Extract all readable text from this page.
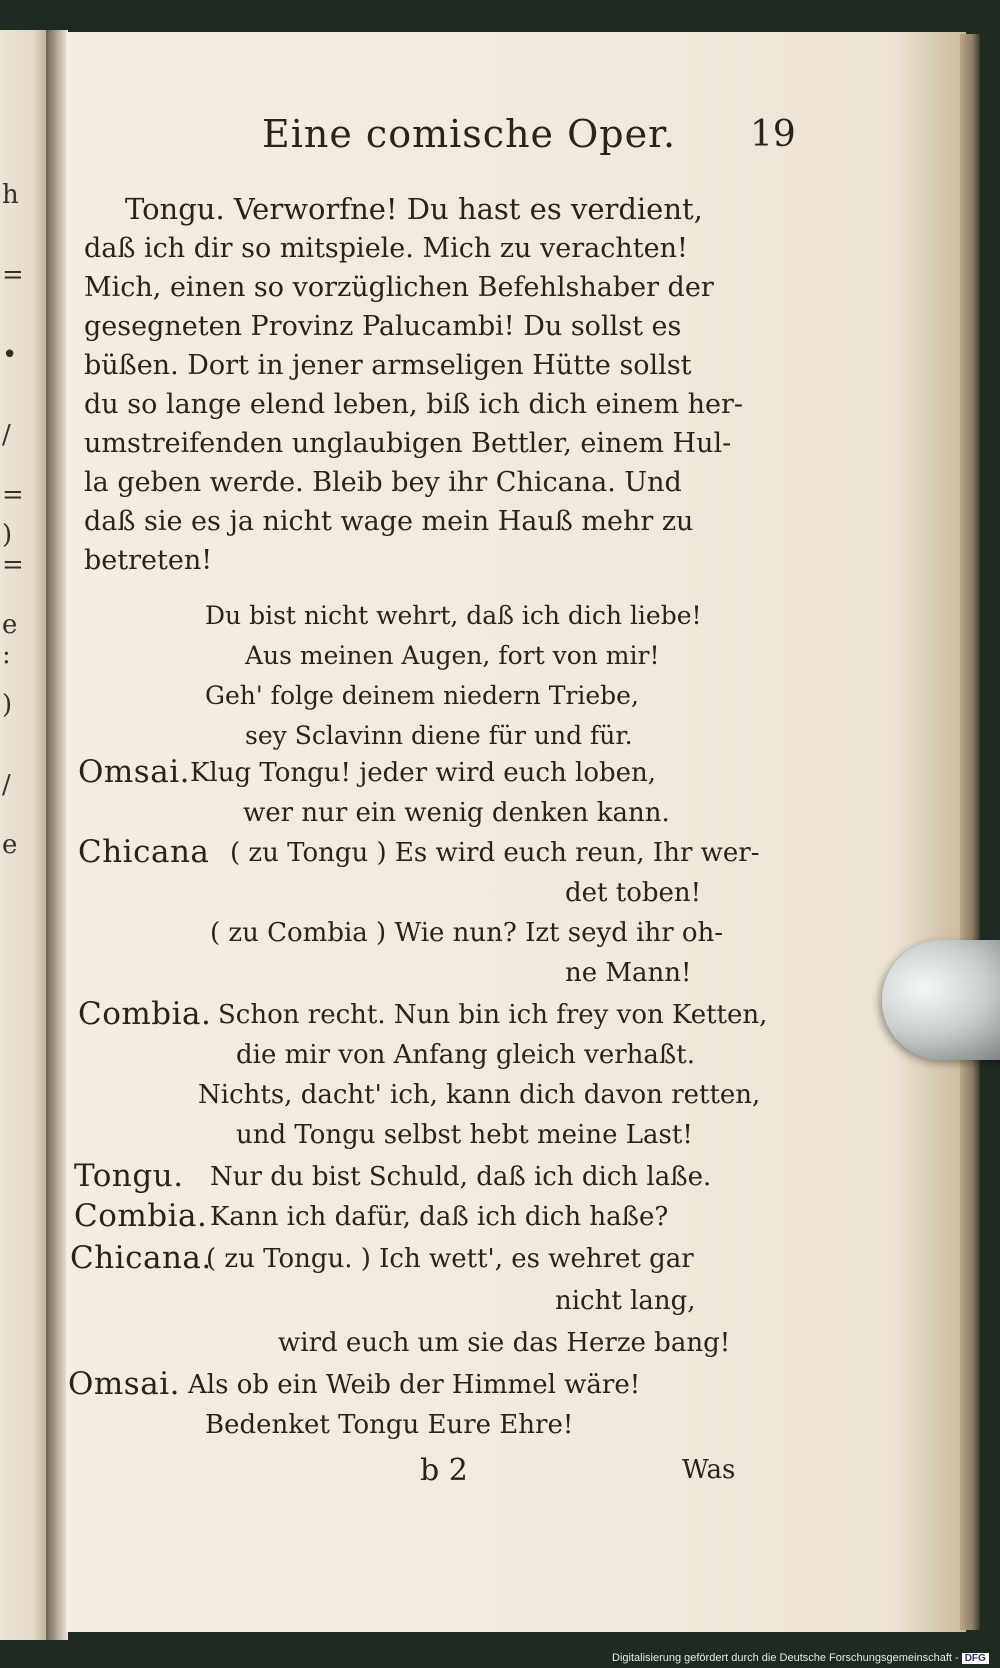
h
=
•
/
=
)
=
e
:
)
/
e
Eine comische Oper. 19
Tongu. Verworfne! Du hast es verdient,
daß ich dir so mitspiele. Mich zu verachten!
Mich, einen so vorzüglichen Befehlshaber der
gesegneten Provinz Palucambi! Du sollst es
büßen. Dort in jener armseligen Hütte sollst
du so lange elend leben, biß ich dich einem her-
umstreifenden unglaubigen Bettler, einem Hul-
la geben werde. Bleib bey ihr Chicana. Und
daß sie es ja nicht wage mein Hauß mehr zu
betreten!
Du bist nicht wehrt, daß ich dich liebe!
Aus meinen Augen, fort von mir!
Geh' folge deinem niedern Triebe,
sey Sclavinn diene für und für.
Omsai. Klug Tongu! jeder wird euch loben,
wer nur ein wenig denken kann.
Chicana ( zu Tongu ) Es wird euch reun, Ihr wer-
det toben!
( zu Combia ) Wie nun? Izt seyd ihr oh-
ne Mann!
Combia. Schon recht. Nun bin ich frey von Ketten,
die mir von Anfang gleich verhaßt.
Nichts, dacht' ich, kann dich davon retten,
und Tongu selbst hebt meine Last!
Tongu. Nur du bist Schuld, daß ich dich laße.
Combia. Kann ich dafür, daß ich dich haße?
Chicana.
( zu Tongu. ) Ich wett', es wehret gar
nicht lang,
wird euch um sie das Herze bang!
Omsai. Als ob ein Weib der Himmel wäre!
Bedenket Tongu Eure Ehre!
b 2	Was
Digitalisierung gefördert durch die Deutsche Forschungsgemeinschaft - DFG
